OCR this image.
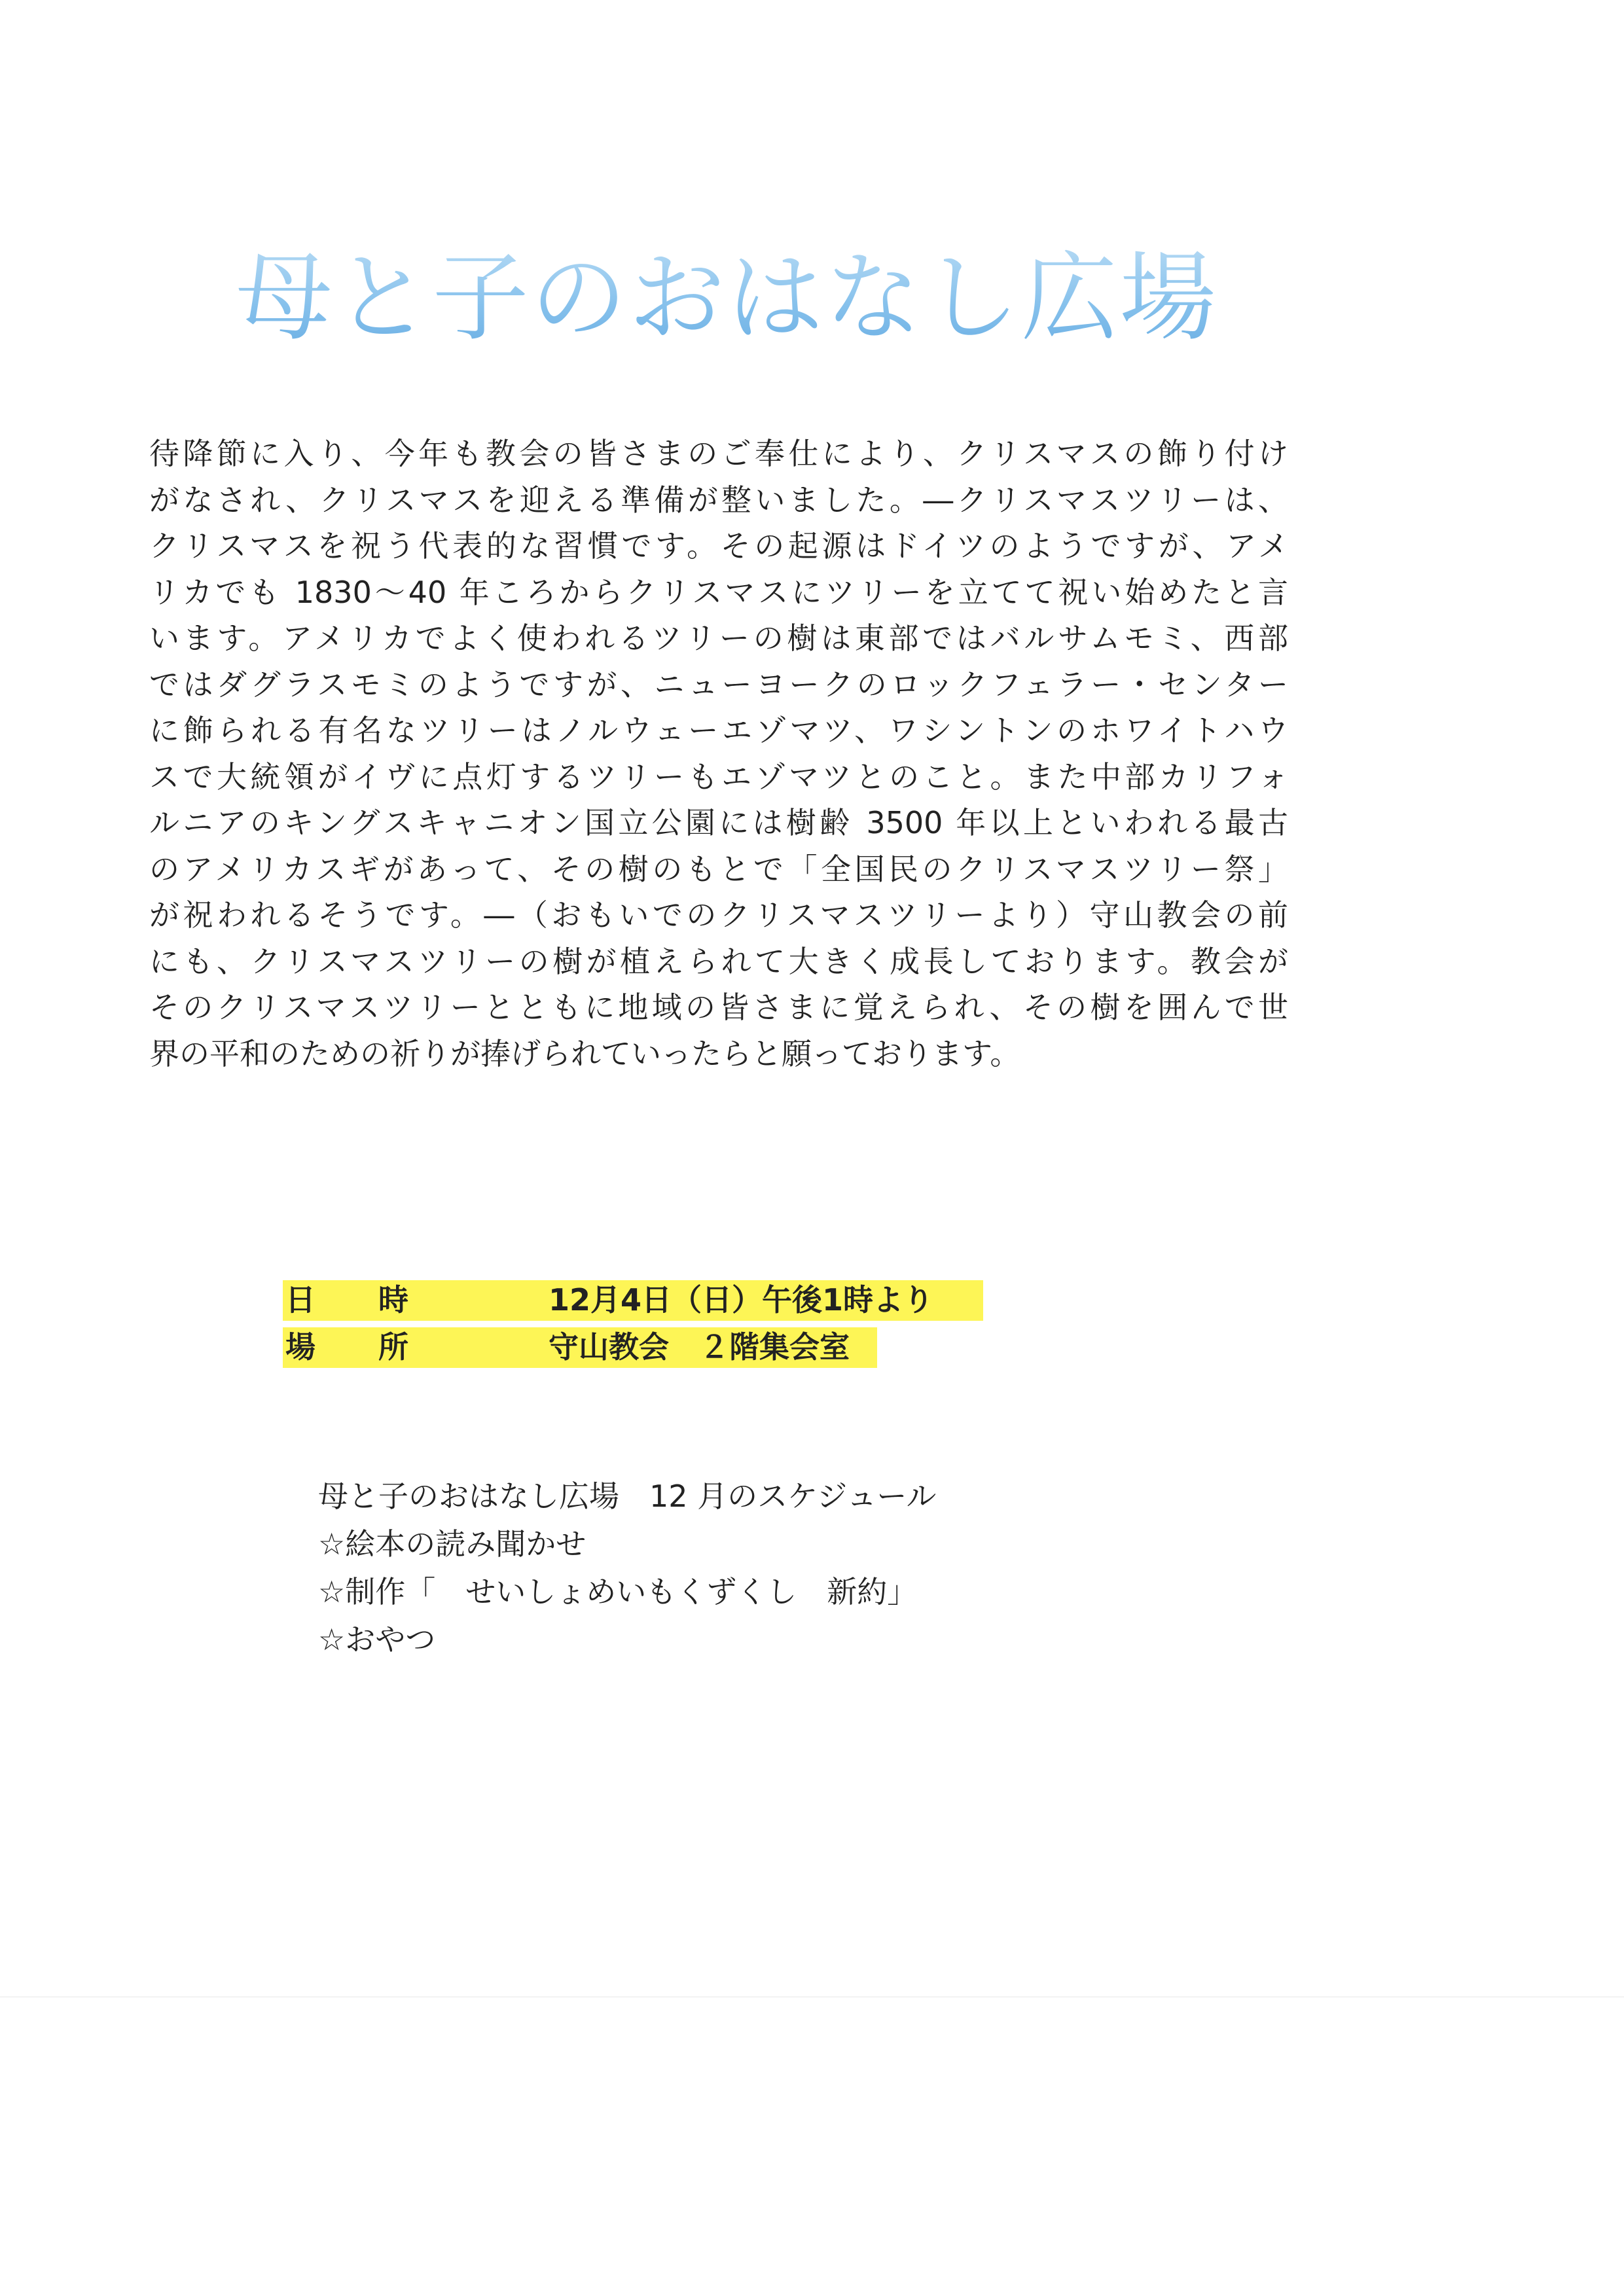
母と子のおはなし広場
待降節に入り、今年も教会の皆さまのご奉仕により、クリスマスの飾り付け
がなされ、クリスマスを迎える準備が整いました。―クリスマスツリーは、
クリスマスを祝う代表的な習慣です。その起源はドイツのようですが、アメ
リカでも 1830～40 年ころからクリスマスにツリーを立てて祝い始めたと言
います。アメリカでよく使われるツリーの樹は東部ではバルサムモミ、西部
ではダグラスモミのようですが、ニューヨークのロックフェラー・センター
に飾られる有名なツリーはノルウェーエゾマツ、ワシントンのホワイトハウ
スで大統領がイヴに点灯するツリーもエゾマツとのこと。また中部カリフォ
ルニアのキングスキャニオン国立公園には樹齢 3500 年以上といわれる最古
のアメリカスギがあって、その樹のもとで「全国民のクリスマスツリー祭」
が祝われるそうです。―（おもいでのクリスマスツリーより）守山教会の前
にも、クリスマスツリーの樹が植えられて大きく成長しております。教会が
そのクリスマスツリーとともに地域の皆さまに覚えられ、その樹を囲んで世
界の平和のための祈りが捧げられていったらと願っております。
日時	12月4日（日）午後1時より
場所	守山教会　２階集会室
母と子のおはなし広場　12 月のスケジュール
☆絵本の読み聞かせ
☆制作「　せいしょめいもくずくし　新約」
☆おやつ
